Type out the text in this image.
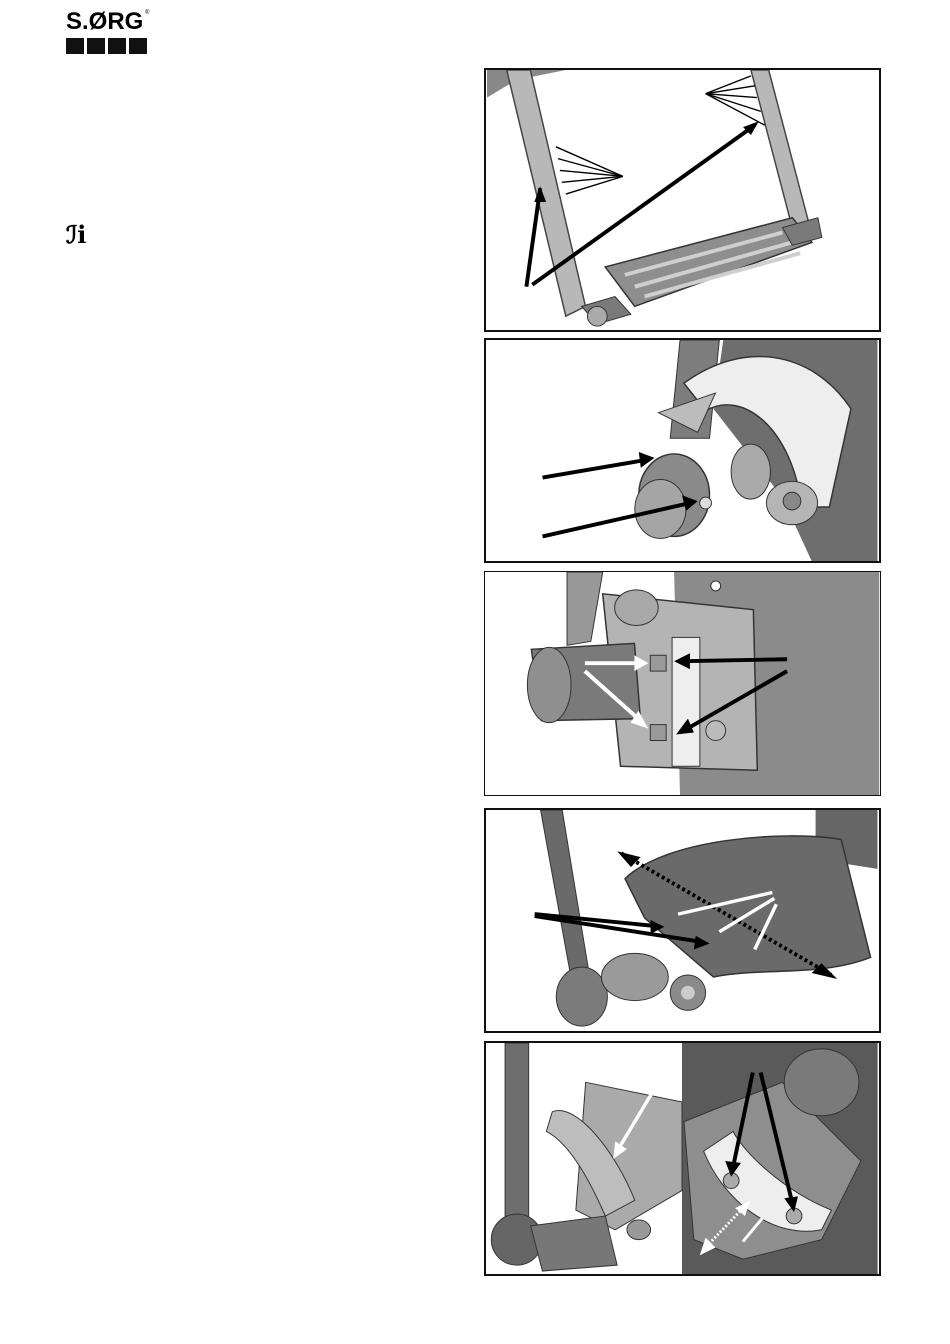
S.ØRG ®
ℐi
